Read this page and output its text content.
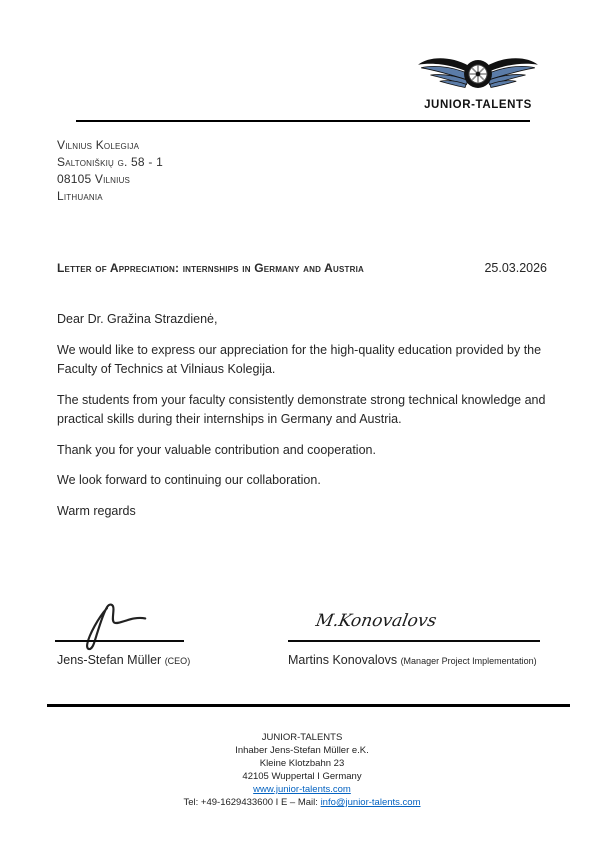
JUNIOR-TALENTS
Vilnius Kolegija
Saltoniškių g. 58 - 1
08105 Vilnius
Lithuania
Letter of Appreciation: internships in Germany and Austria	25.03.2026

Dear Dr. Gražina Strazdienė,

We would like to express our appreciation for the high-quality education provided by the Faculty of Technics at Vilniaus Kolegija.

The students from your faculty consistently demonstrate strong technical knowledge and practical skills during their internships in Germany and Austria.

Thank you for your valuable contribution and cooperation.

We look forward to continuing our collaboration.

Warm regards

M.Konovalovs
Jens-Stefan Müller (CEO)	Martins Konovalovs (Manager Project Implementation)
JUNIOR-TALENTS
Inhaber Jens-Stefan Müller e.K.
Kleine Klotzbahn 23
42105 Wuppertal I Germany
www.junior-talents.com
Tel: +49-1629433600 I E – Mail: info@junior-talents.com
